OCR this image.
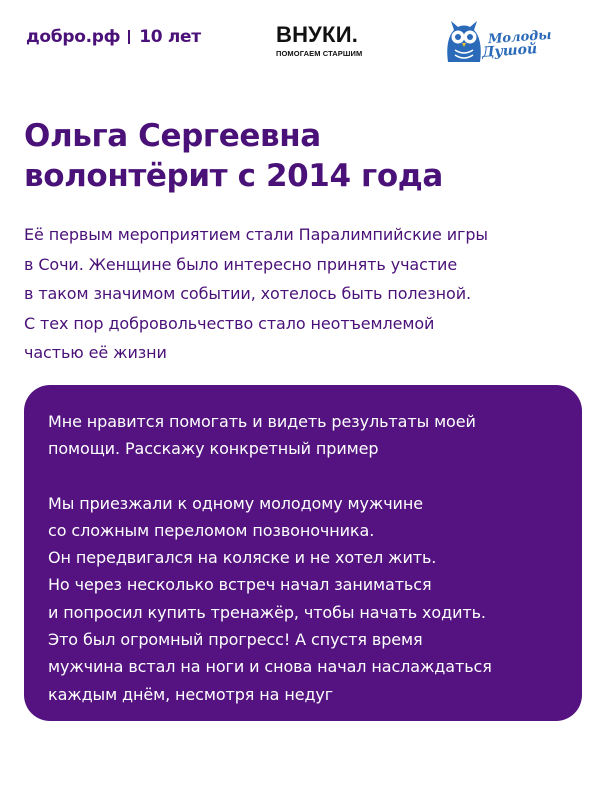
добро.рф 10 лет	ВНУКИ.
ПОМОГАЕМ СТАРШИМ
Молоды
Душой
Ольга Сергеевна
волонтёрит с 2014 года
Её первым мероприятием стали Паралимпийские игры
в Сочи. Женщине было интересно принять участие
в таком значимом событии, хотелось быть полезной.
С тех пор добровольчество стало неотъемлемой
частью её жизни
Мне нравится помогать и видеть результаты моей
помощи. Расскажу конкретный пример
Мы приезжали к одному молодому мужчине
со сложным переломом позвоночника.
Он передвигался на коляске и не хотел жить.
Но через несколько встреч начал заниматься
и попросил купить тренажёр, чтобы начать ходить.
Это был огромный прогресс! А спустя время
мужчина встал на ноги и снова начал наслаждаться
каждым днём, несмотря на недуг
